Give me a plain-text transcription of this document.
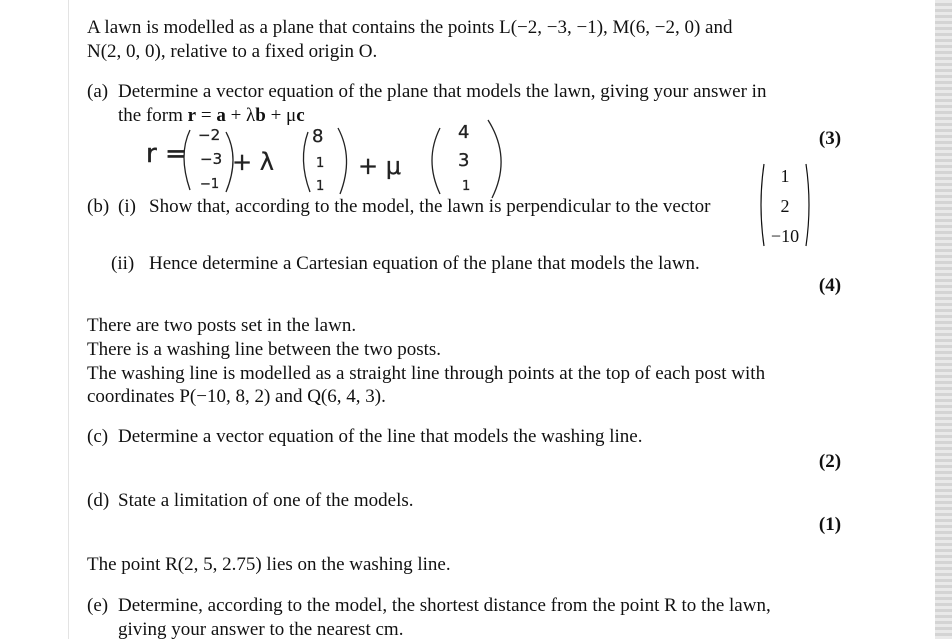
A lawn is modelled as a plane that contains the points L(−2, −3, −1), M(6, −2, 0) and
N(2, 0, 0), relative to a fixed origin O.
(a) Determine a vector equation of the plane that models the lawn, giving your answer in
the form r = a + λb + μc
(3)
r =
−2
−3
−1
+ λ
8
1
1
+ μ
4
3
1
(b) (i) Show that, according to the model, the lawn is perpendicular to the vector
1
2
−10
(ii) Hence determine a Cartesian equation of the plane that models the lawn.
(4)
There are two posts set in the lawn.
There is a washing line between the two posts.
The washing line is modelled as a straight line through points at the top of each post with
coordinates P(−10, 8, 2) and Q(6, 4, 3).
(c) Determine a vector equation of the line that models the washing line.
(2)
(d) State a limitation of one of the models.
(1)
The point R(2, 5, 2.75) lies on the washing line.
(e) Determine, according to the model, the shortest distance from the point R to the lawn,
giving your answer to the nearest cm.
